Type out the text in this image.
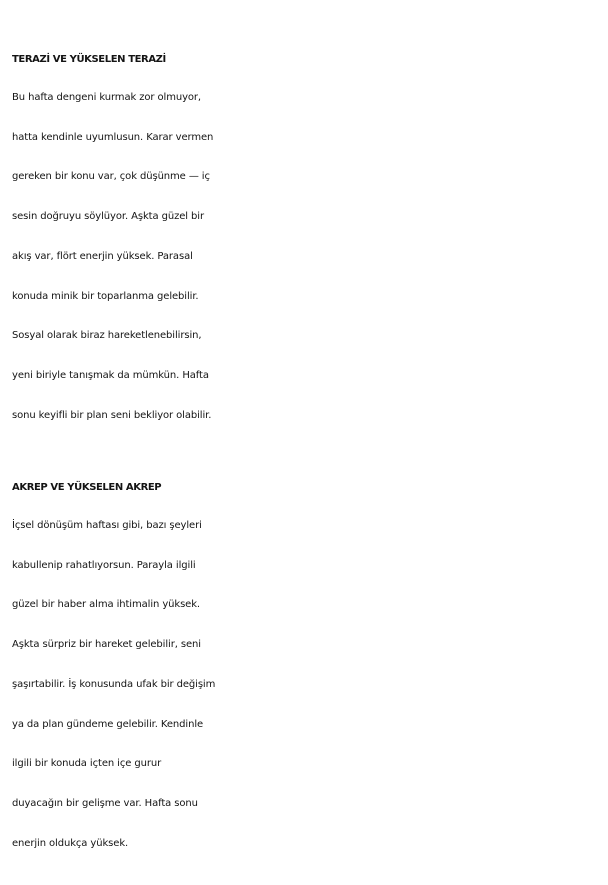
TERAZİ VE YÜKSELEN TERAZİ

Bu hafta dengeni kurmak zor olmuyor,

hatta kendinle uyumlusun. Karar vermen

gereken bir konu var, çok düşünme — iç

sesin doğruyu söylüyor. Aşkta güzel bir

akış var, flört enerjin yüksek. Parasal

konuda minik bir toparlanma gelebilir.

Sosyal olarak biraz hareketlenebilirsin,

yeni biriyle tanışmak da mümkün. Hafta

sonu keyifli bir plan seni bekliyor olabilir.

AKREP VE YÜKSELEN AKREP

İçsel dönüşüm haftası gibi, bazı şeyleri

kabullenip rahatlıyorsun. Parayla ilgili

güzel bir haber alma ihtimalin yüksek.

Aşkta sürpriz bir hareket gelebilir, seni

şaşırtabilir. İş konusunda ufak bir değişim

ya da plan gündeme gelebilir. Kendinle

ilgili bir konuda içten içe gurur

duyacağın bir gelişme var. Hafta sonu

enerjin oldukça yüksek.
